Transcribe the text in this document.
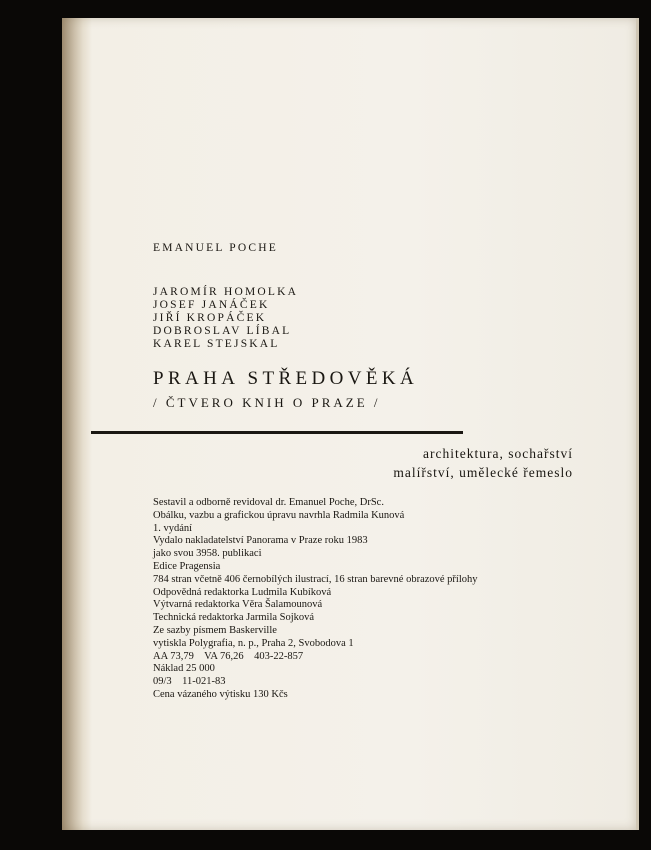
EMANUEL POCHE
JAROMÍR HOMOLKA
JOSEF JANÁČEK
JIŘÍ KROPÁČEK
DOBROSLAV LÍBAL
KAREL STEJSKAL
PRAHA STŘEDOVĚKÁ
/ ČTVERO KNIH O PRAZE /
architektura, sochařství
malířství, umělecké řemeslo
Sestavil a odborně revidoval dr. Emanuel Poche, DrSc.
Obálku, vazbu a grafickou úpravu navrhla Radmila Kunová
1. vydání
Vydalo nakladatelství Panorama v Praze roku 1983
jako svou 3958. publikaci
Edice Pragensia
784 stran včetně 406 černobílých ilustrací, 16 stran barevné obrazové přílohy
Odpovědná redaktorka Ludmila Kubíková
Výtvarná redaktorka Věra Šalamounová
Technická redaktorka Jarmila Sojková
Ze sazby písmem Baskerville
vytiskla Polygrafia, n. p., Praha 2, Svobodova 1
AA 73,79    VA 76,26    403-22-857
Náklad 25 000
09/3    11-021-83
Cena vázaného výtisku 130 Kčs
